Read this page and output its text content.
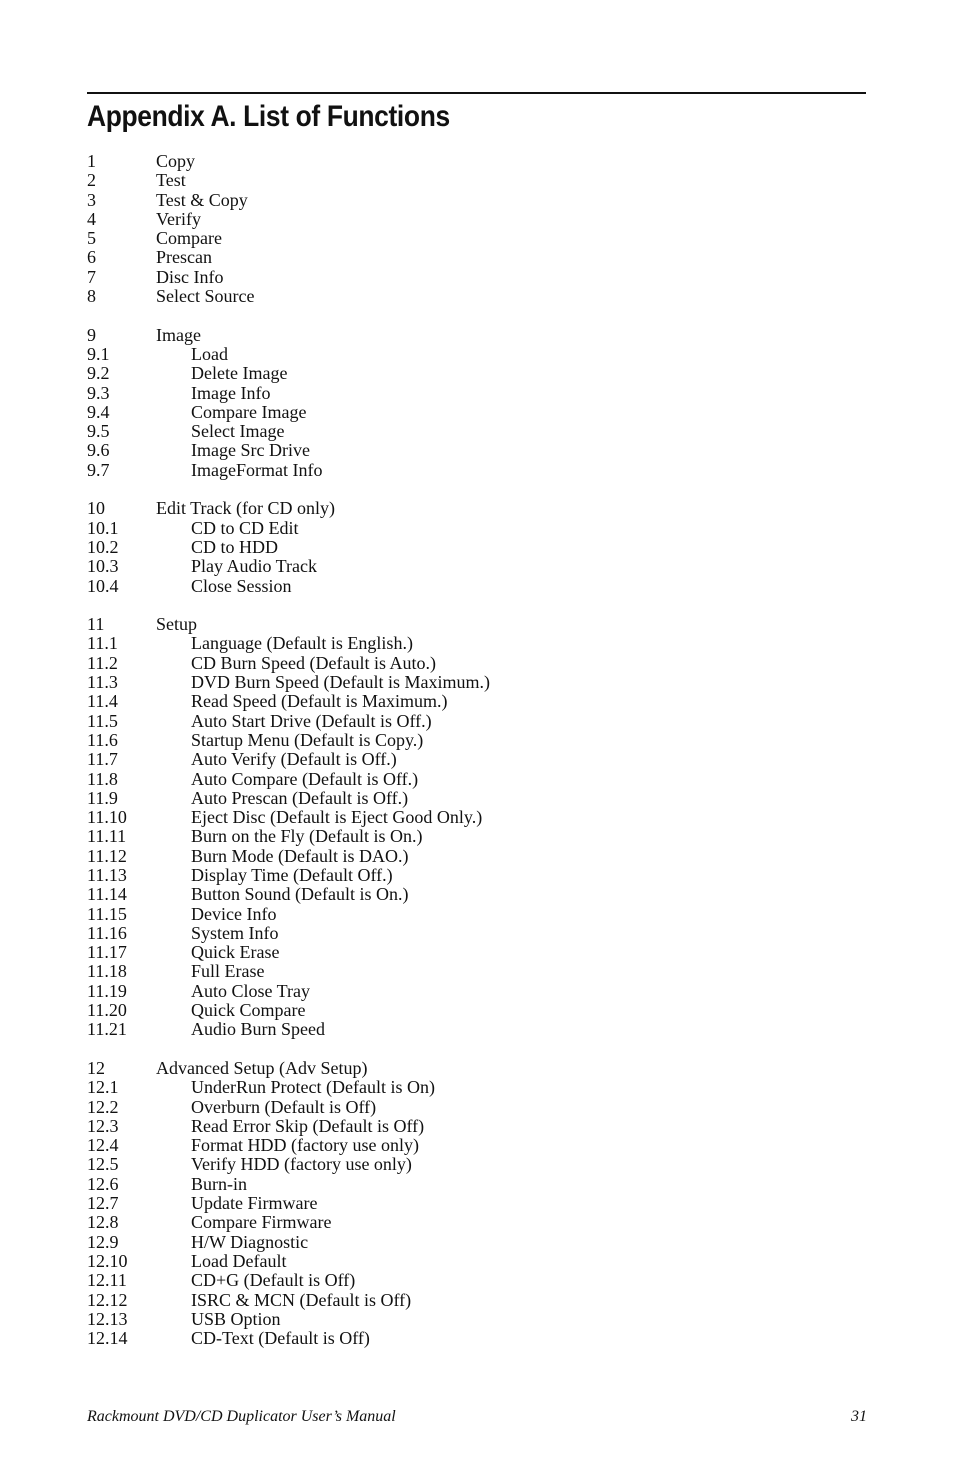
Appendix A. List of Functions
1	Copy
2	Test
3	Test & Copy
4	Verify
5	Compare
6	Prescan
7	Disc Info
8	Select Source
9	Image
9.1	Load
9.2	Delete Image
9.3	Image Info
9.4	Compare Image
9.5	Select Image
9.6	Image Src Drive
9.7	ImageFormat Info
10	Edit Track (for CD only)
10.1	CD to CD Edit
10.2	CD to HDD
10.3	Play Audio Track
10.4	Close Session
11	Setup
11.1	Language (Default is English.)
11.2	CD Burn Speed (Default is Auto.)
11.3	DVD Burn Speed (Default is Maximum.)
11.4	Read Speed (Default is Maximum.)
11.5	Auto Start Drive (Default is Off.)
11.6	Startup Menu (Default is Copy.)
11.7	Auto Verify (Default is Off.)
11.8	Auto Compare (Default is Off.)
11.9	Auto Prescan (Default is Off.)
11.10	Eject Disc (Default is Eject Good Only.)
11.11	Burn on the Fly (Default is On.)
11.12	Burn Mode (Default is DAO.)
11.13	Display Time (Default Off.)
11.14	Button Sound (Default is On.)
11.15	Device Info
11.16	System Info
11.17	Quick Erase
11.18	Full Erase
11.19	Auto Close Tray
11.20	Quick Compare
11.21	Audio Burn Speed
12	Advanced Setup (Adv Setup)
12.1	UnderRun Protect (Default is On)
12.2	Overburn (Default is Off)
12.3	Read Error Skip (Default is Off)
12.4	Format HDD (factory use only)
12.5	Verify HDD (factory use only)
12.6	Burn-in
12.7	Update Firmware
12.8	Compare Firmware
12.9	H/W Diagnostic
12.10	Load Default
12.11	CD+G (Default is Off)
12.12	ISRC & MCN (Default is Off)
12.13	USB Option
12.14	CD-Text (Default is Off)
Rackmount DVD/CD Duplicator User’s Manual	31
